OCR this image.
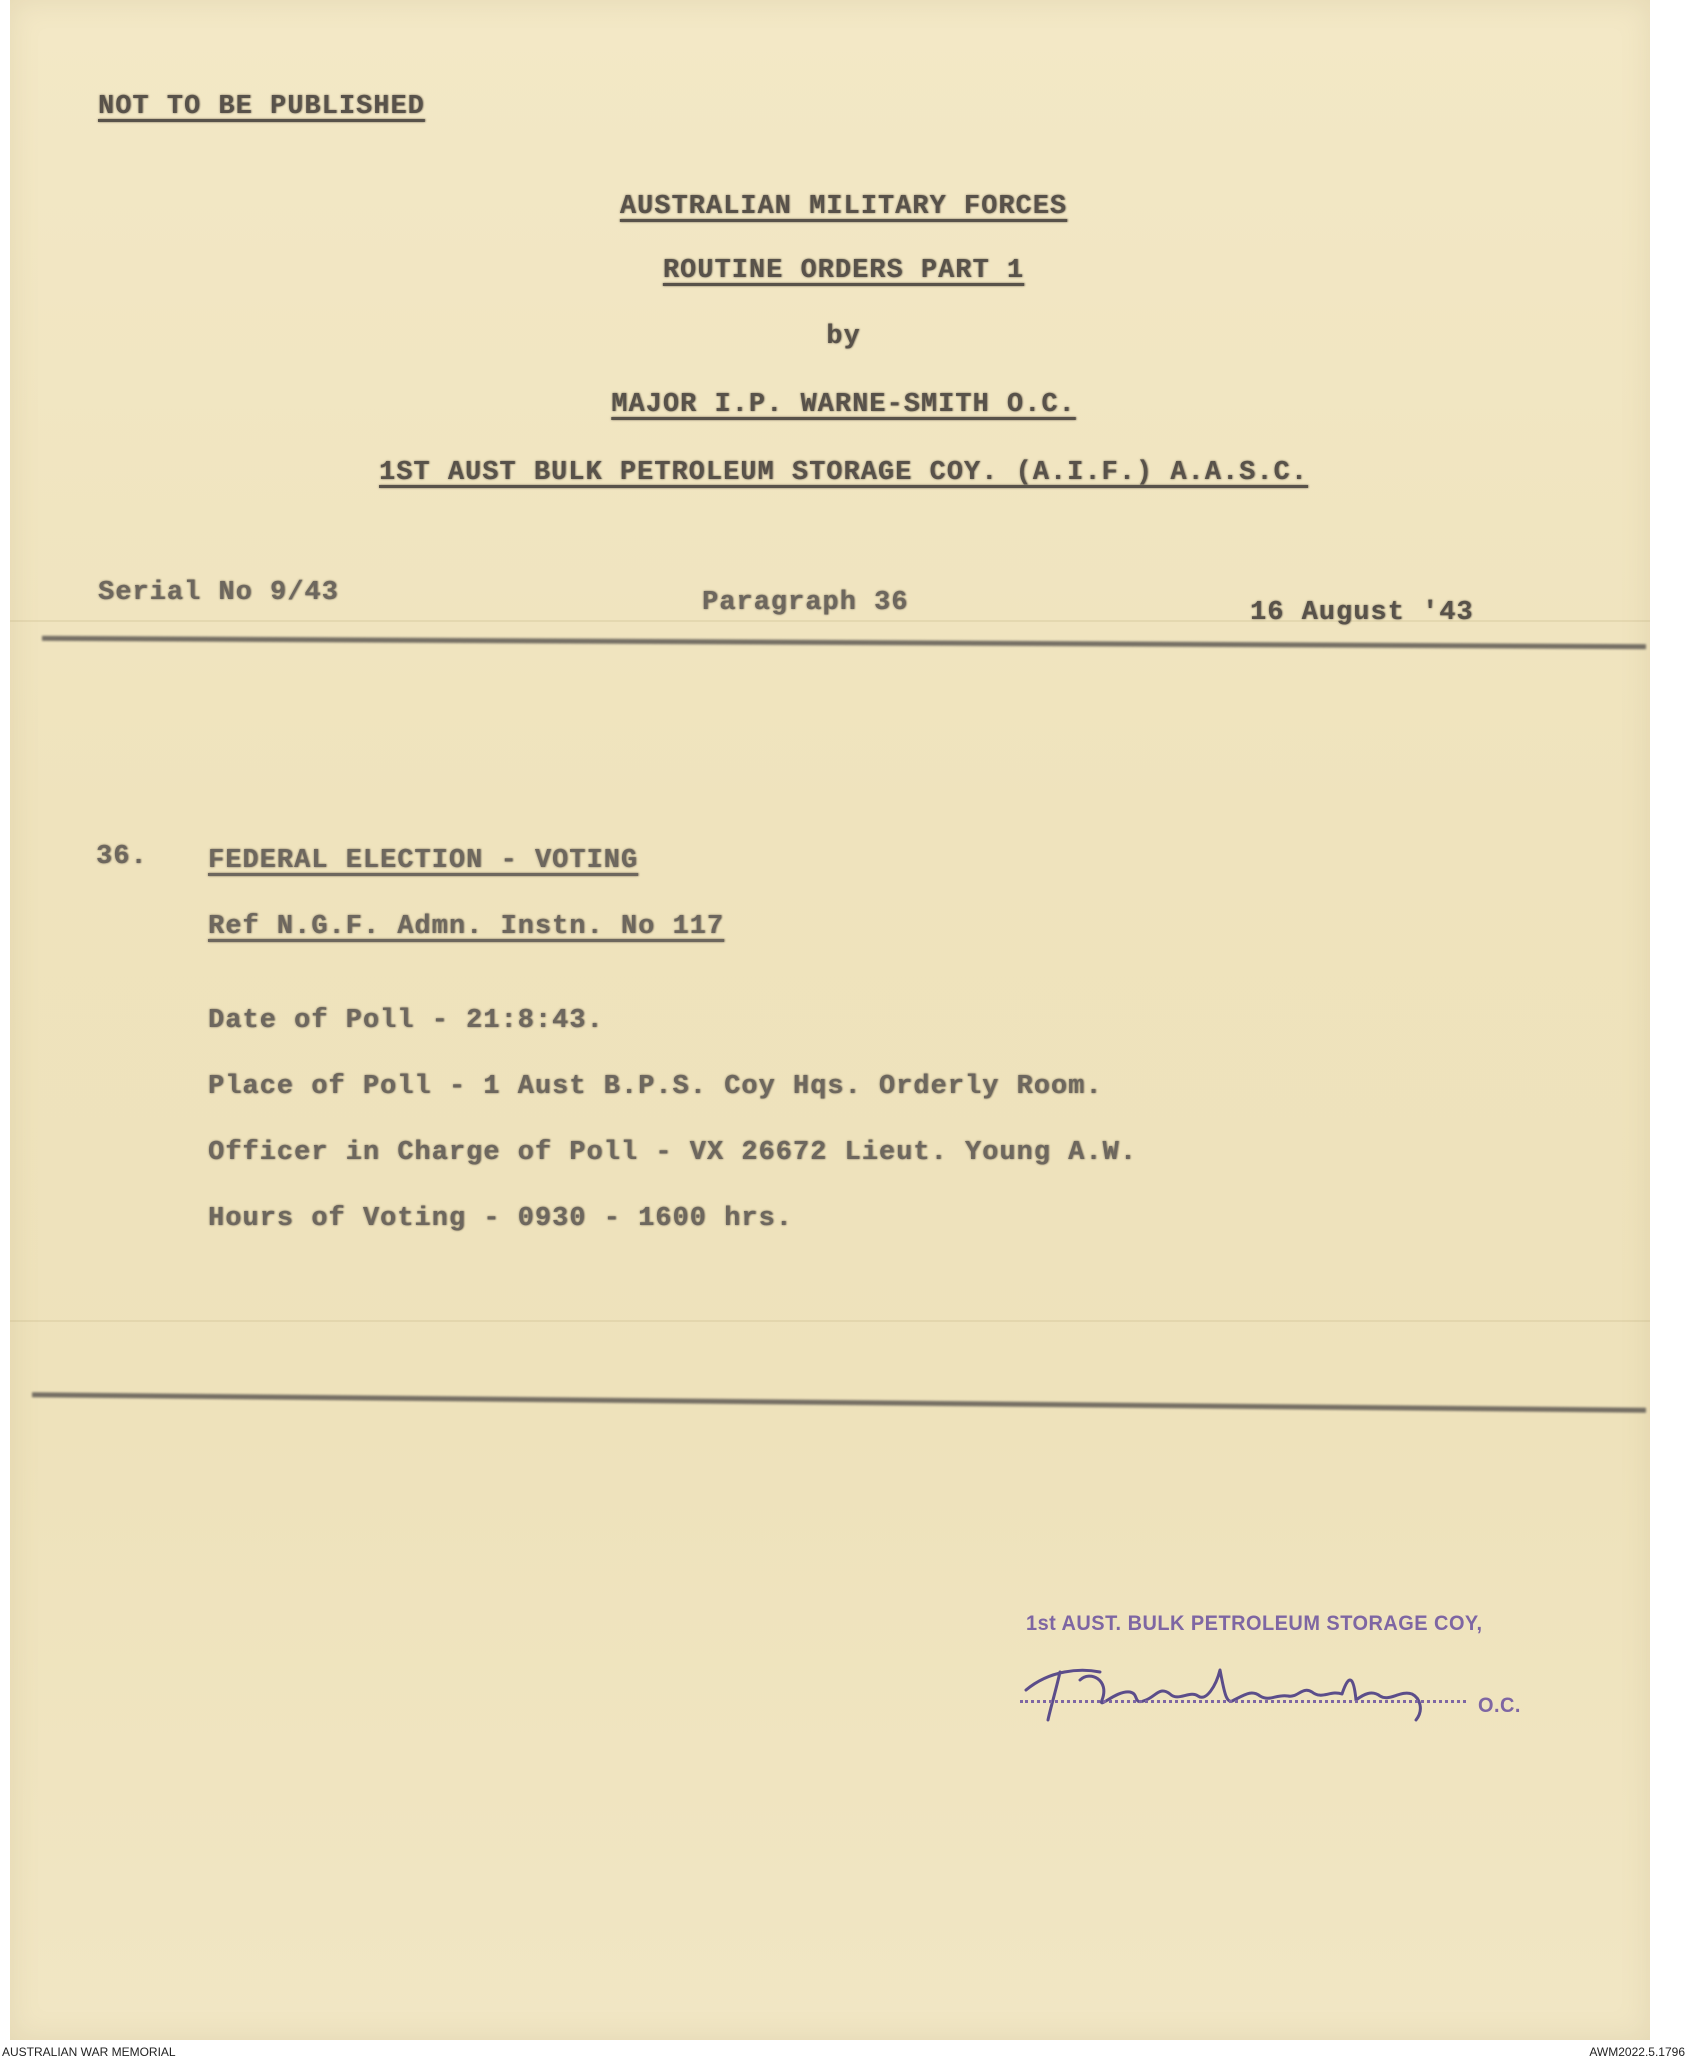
NOT TO BE PUBLISHED
AUSTRALIAN MILITARY FORCES
ROUTINE ORDERS PART 1
by
MAJOR I.P. WARNE-SMITH O.C.
1ST AUST BULK PETROLEUM STORAGE COY. (A.I.F.) A.A.S.C.
Serial No 9/43	Paragraph 36	16 August '43
36. FEDERAL ELECTION - VOTING
Ref N.G.F. Admn. Instn. No 117
Date of Poll - 21:8:43.
Place of Poll - 1 Aust B.P.S. Coy Hqs. Orderly Room.
Officer in Charge of Poll - VX 26672 Lieut. Young A.W.
Hours of Voting - 0930 - 1600 hrs.
1st AUST. BULK PETROLEUM STORAGE COY,
O.C.
AUSTRALIAN WAR MEMORIAL	AWM2022.5.1796
